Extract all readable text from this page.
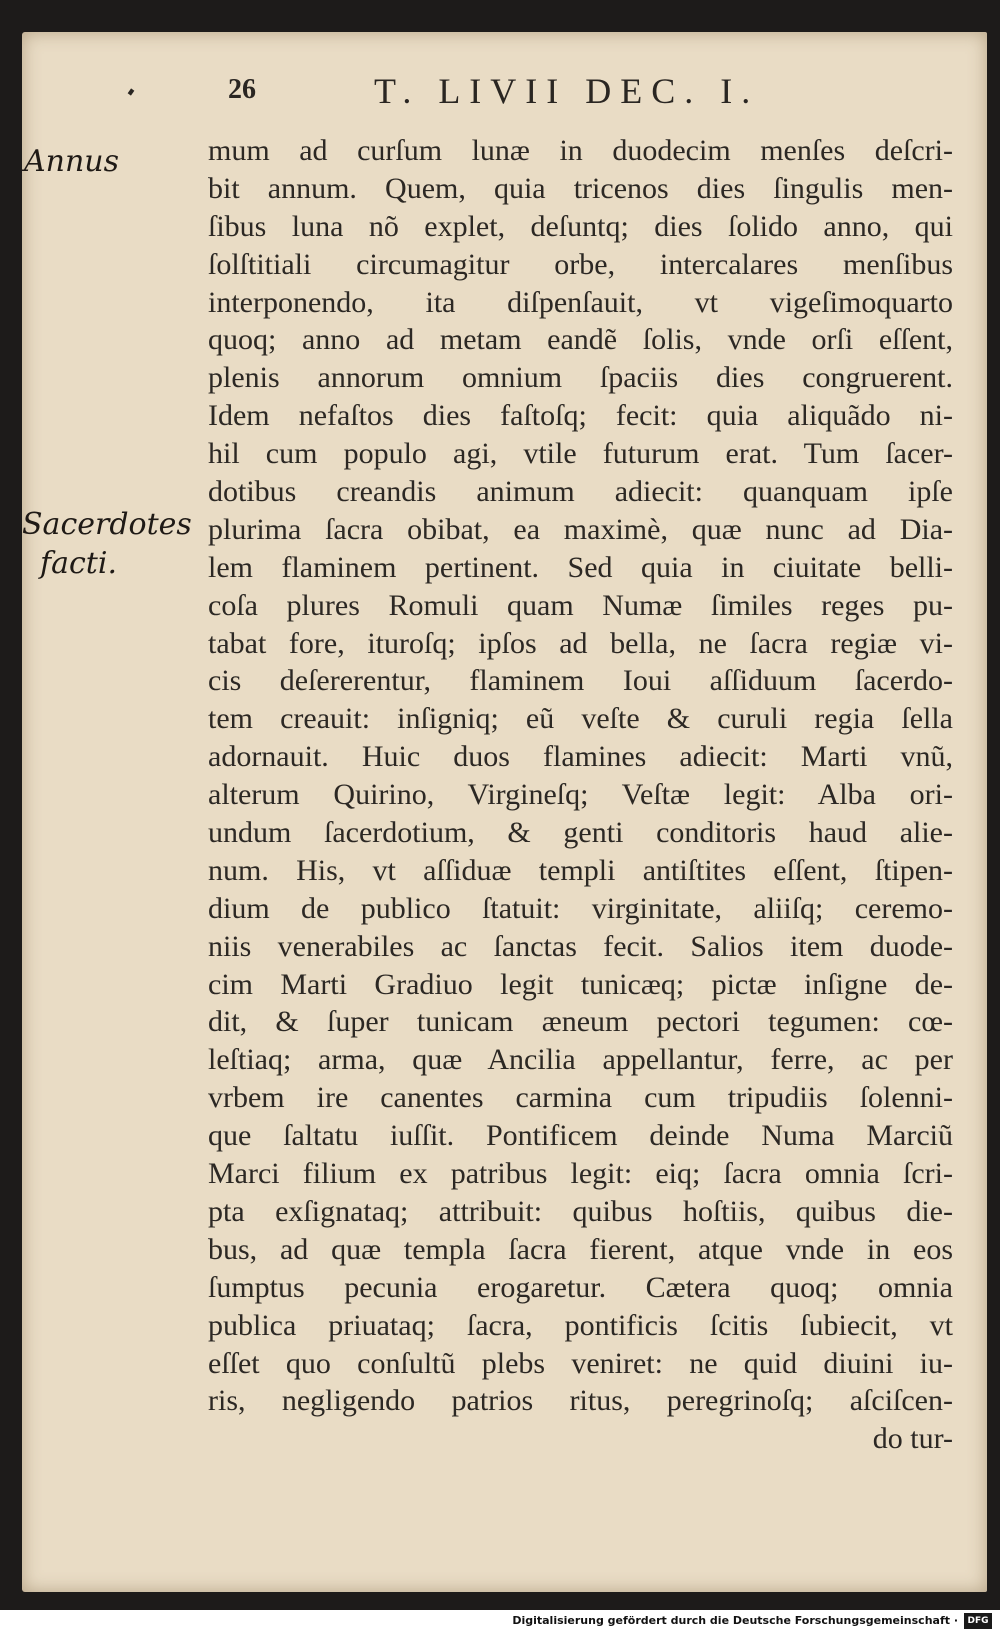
26	T. LIVII DEC. I.
Annus
Sacerdotes
facti.
mum ad curſum lunæ in duodecim menſes deſcri-
bit annum. Quem, quia tricenos dies ſingulis men-
ſibus luna nõ explet, deſuntq; dies ſolido anno, qui
ſolſtitiali circumagitur orbe, intercalares menſibus
interponendo, ita diſpenſauit, vt vigeſimoquarto
quoq; anno ad metam eandẽ ſolis, vnde orſi eſſent,
plenis annorum omnium ſpaciis dies congruerent.
Idem nefaſtos dies faſtoſq; fecit: quia aliquãdo ni-
hil cum populo agi, vtile futurum erat. Tum ſacer-
dotibus creandis animum adiecit: quanquam ipſe
plurima ſacra obibat, ea maximè, quæ nunc ad Dia-
lem flaminem pertinent. Sed quia in ciuitate belli-
coſa plures Romuli quam Numæ ſimiles reges pu-
tabat fore, ituroſq; ipſos ad bella, ne ſacra regiæ vi-
cis deſererentur, flaminem Ioui aſſiduum ſacerdo-
tem creauit: inſigniq; eũ veſte & curuli regia ſella
adornauit. Huic duos flamines adiecit: Marti vnũ,
alterum Quirino, Virgineſq; Veſtæ legit: Alba ori-
undum ſacerdotium, & genti conditoris haud alie-
num. His, vt aſſiduæ templi antiſtites eſſent, ſtipen-
dium de publico ſtatuit: virginitate, aliiſq; ceremo-
niis venerabiles ac ſanctas fecit. Salios item duode-
cim Marti Gradiuo legit tunicæq; pictæ inſigne de-
dit, & ſuper tunicam æneum pectori tegumen: cœ-
leſtiaq; arma, quæ Ancilia appellantur, ferre, ac per
vrbem ire canentes carmina cum tripudiis ſolenni-
que ſaltatu iuſſit. Pontificem deinde Numa Marciũ
Marci filium ex patribus legit: eiq; ſacra omnia ſcri-
pta exſignataq; attribuit: quibus hoſtiis, quibus die-
bus, ad quæ templa ſacra fierent, atque vnde in eos
ſumptus pecunia erogaretur. Cætera quoq; omnia
publica priuataq; ſacra, pontificis ſcitis ſubiecit, vt
eſſet quo conſultũ plebs veniret: ne quid diuini iu-
ris, negligendo patrios ritus, peregrinoſq; aſciſcen-
do tur-
Digitalisierung gefördert durch die Deutsche Forschungsgemeinschaft ·	DFG
